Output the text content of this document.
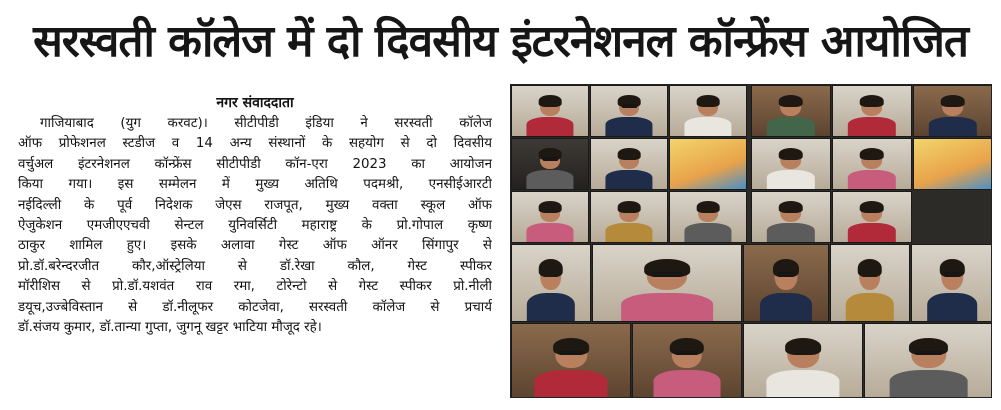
सरस्वती कॉलेज में दो दिवसीय इंटरनेशनल कॉन्फ्रेंस आयोजित
नगर संवाददाता
गाजियाबाद (युग करवट)। सीटीपीडी इंडिया ने सरस्वती कॉलेज
ऑफ प्रोफेशनल स्टडीज व 14 अन्य संस्थानों के सहयोग से दो दिवसीय
वर्चुअल इंटरनेशनल कॉन्फ्रेंस सीटीपीडी कॉन-एरा 2023 का आयोजन
किया गया। इस सम्मेलन में मुख्य अतिथि पदमश्री, एनसीईआरटी
नईदिल्ली के पूर्व निदेशक जेएस राजपूत, मुख्य वक्ता स्कूल ऑफ
ऐजुकेशन एमजीएएचवी सेन्टल युनिवर्सिटी महाराष्ट्र के प्रो.गोपाल कृष्ण
ठाकुर शामिल हुए। इसके अलावा गेस्ट ऑफ ऑनर सिंगापुर से
प्रो.डॉ.बरेन्दरजीत कौर,ऑस्ट्रेलिया से डॉ.रेखा कौल, गेस्ट स्पीकर
मॉरीशिस से प्रो.डॉ.यशवंत राव रमा, टोरेन्टो से गेस्ट स्पीकर प्रो.नीली
डयूच,उज्बेविस्तान से डॉ.नीलूफर कोटजेवा, सरस्वती कॉलेज से प्रचार्य
डॉ.संजय कुमार, डॉ.तान्या गुप्ता, जुगनू खट्टर भाटिया मौजूद रहे।
